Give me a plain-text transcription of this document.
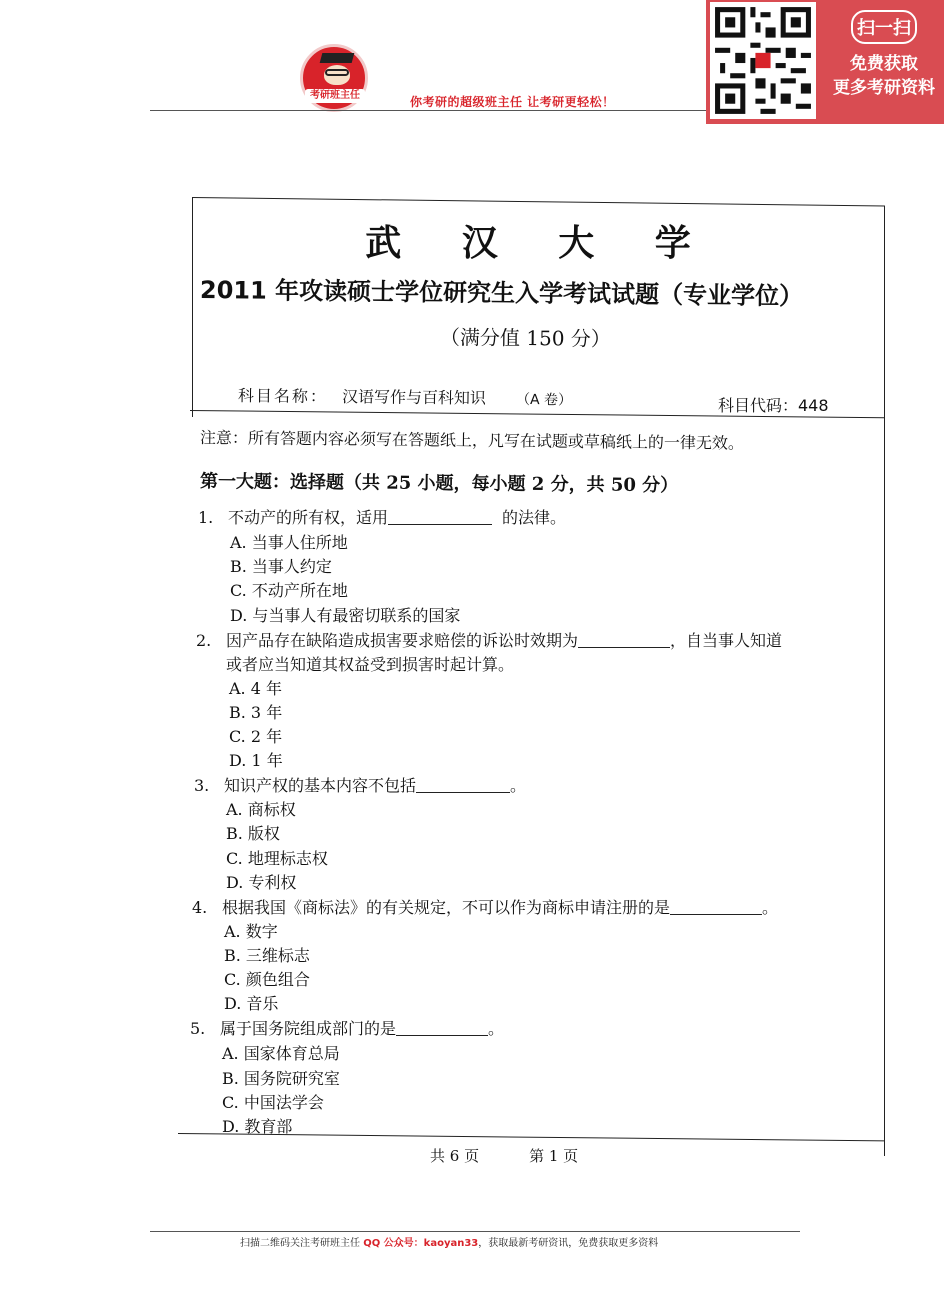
考研班主任	你考研的超级班主任 让考研更轻松！
扫一扫
免费获取
更多考研资料
武 汉 大 学
2011 年攻读硕士学位研究生入学考试试题（专业学位）
（满分值 150 分）
科目名称： 汉语写作与百科知识 （A 卷）	科目代码：448
注意：所有答题内容必须写在答题纸上，凡写在试题或草稿纸上的一律无效。
第一大题：选择题（共 25 小题，每小题 2 分，共 50 分）
1. 不动产的所有权，适用	的法律。
A. 当事人住所地
B. 当事人约定
C. 不动产所在地
D. 与当事人有最密切联系的国家
2. 因产品存在缺陷造成损害要求赔偿的诉讼时效期为	，自当事人知道
或者应当知道其权益受到损害时起计算。
A. 4 年
B. 3 年
C. 2 年
D. 1 年
3. 知识产权的基本内容不包括	。
A. 商标权
B. 版权
C. 地理标志权
D. 专利权
4. 根据我国《商标法》的有关规定，不可以作为商标申请注册的是	。
A. 数字
B. 三维标志
C. 颜色组合
D. 音乐
5. 属于国务院组成部门的是	。
A. 国家体育总局
B. 国务院研究室
C. 中国法学会
D. 教育部
共 6 页	第 1 页
扫描二维码关注考研班主任 QQ 公众号：kaoyan33，获取最新考研资讯，免费获取更多资料
